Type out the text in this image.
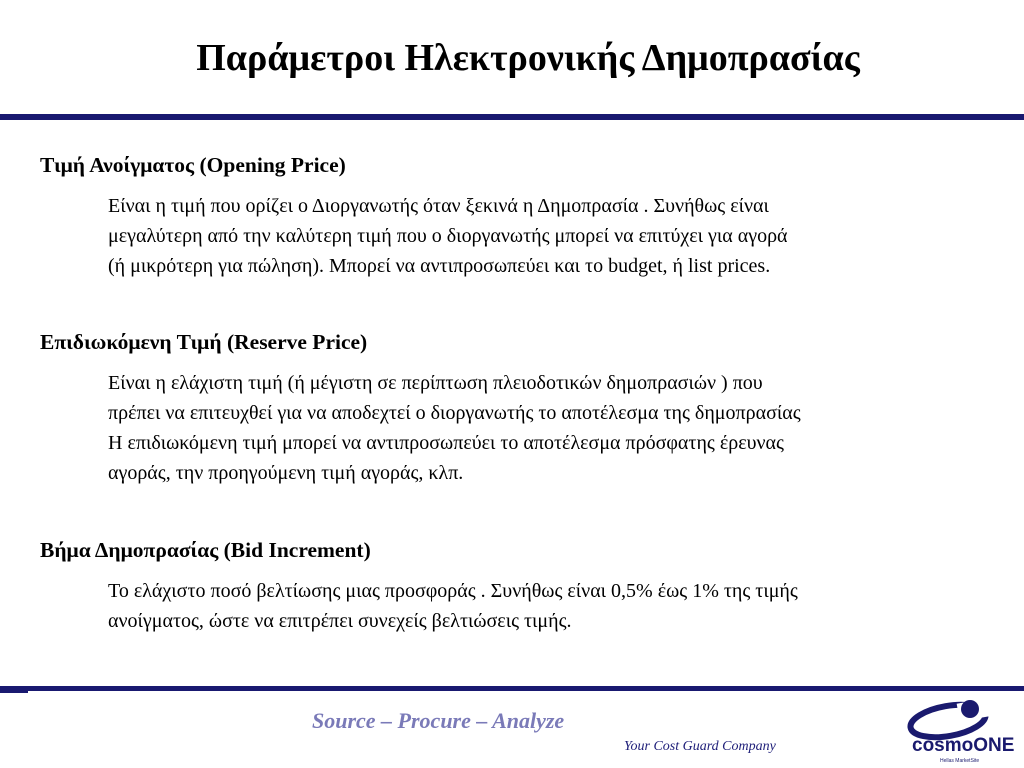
Παράμετροι Ηλεκτρονικής Δημοπρασίας
Τιμή Ανοίγματος (Opening Price)
Είναι η τιμή που ορίζει ο Διοργανωτής όταν ξεκινά η Δημοπρασία . Συνήθως είναι
μεγαλύτερη από την καλύτερη τιμή που ο διοργανωτής μπορεί να επιτύχει για αγορά
(ή μικρότερη για πώληση). Μπορεί να αντιπροσωπεύει και το budget, ή list prices.
Επιδιωκόμενη Τιμή (Reserve Price)
Είναι η ελάχιστη τιμή (ή μέγιστη σε περίπτωση πλειοδοτικών δημοπρασιών ) που
πρέπει να επιτευχθεί για να αποδεχτεί ο διοργανωτής το αποτέλεσμα της δημοπρασίας
Η επιδιωκόμενη τιμή μπορεί να αντιπροσωπεύει το αποτέλεσμα πρόσφατης έρευνας
αγοράς, την προηγούμενη τιμή αγοράς, κλπ.
Βήμα Δημοπρασίας (Bid Increment)
Το ελάχιστο ποσό βελτίωσης μιας προσφοράς . Συνήθως είναι 0,5% έως 1% της τιμής
ανοίγματος, ώστε να επιτρέπει συνεχείς βελτιώσεις τιμής.
Source – Procure – Analyze
Your Cost Guard Company	cosmoONE
Hellas MarketSite
